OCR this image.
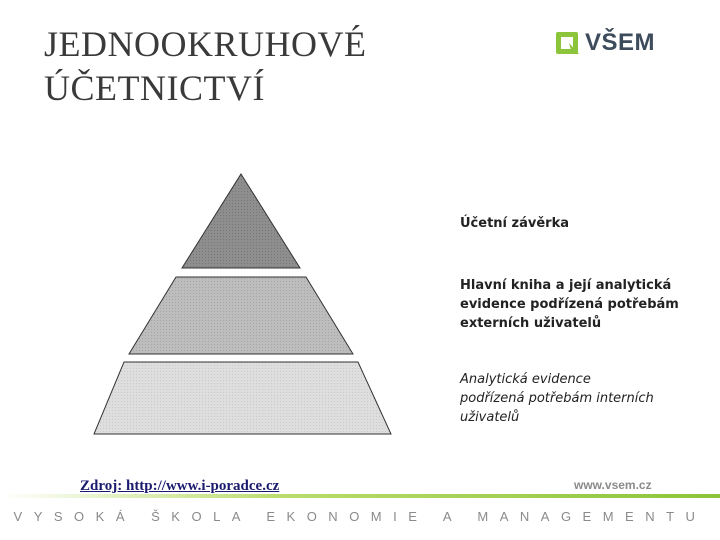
JEDNOOKRUHOVÉ
ÚČETNICTVÍ
VŠEM
Účetní závěrka
Hlavní kniha a její analytická
evidence podřízená potřebám
externích uživatelů
Analytická evidence
podřízená potřebám interních
uživatelů
Zdroj: http://www.i-poradce.cz	www.vsem.cz
VYSOKÁ ŠKOLA EKONOMIE A MANAGEMENTU
